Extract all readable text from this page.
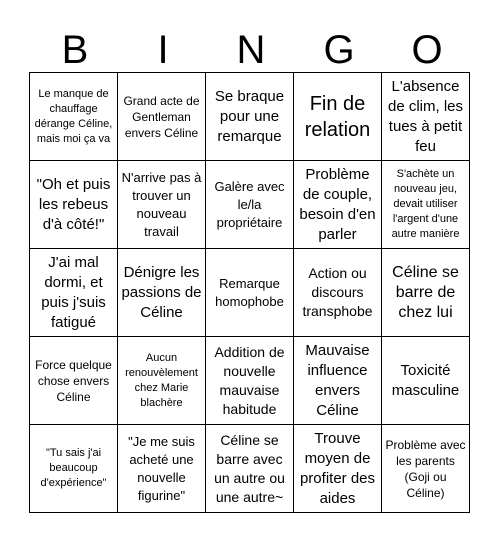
B	I	N	G	O
Le manque de chauffage dérange Céline, mais moi ça va
Grand acte de Gentleman envers Céline
Se braque pour une remarque
Fin de relation
L'absence de clim, les tues à petit feu
"Oh et puis les rebeus d'à côté!"
N'arrive pas à trouver un nouveau travail
Galère avec le/la propriétaire
Problème de couple, besoin d'en parler
S'achète un nouveau jeu, devait utiliser l'argent d'une autre manière
J'ai mal dormi, et puis j'suis fatigué
Dénigre les passions de Céline
Remarque homophobe
Action ou discours transphobe
Céline se barre de chez lui
Force quelque chose envers Céline
Aucun renouvèlement chez Marie blachère
Addition de nouvelle mauvaise habitude
Mauvaise influence envers Céline
Toxicité masculine
"Tu sais j'ai beaucoup d'expérience"
"Je me suis acheté une nouvelle figurine"
Céline se barre avec un autre ou une autre~
Trouve moyen de profiter des aides
Problème avec les parents (Goji ou Céline)
